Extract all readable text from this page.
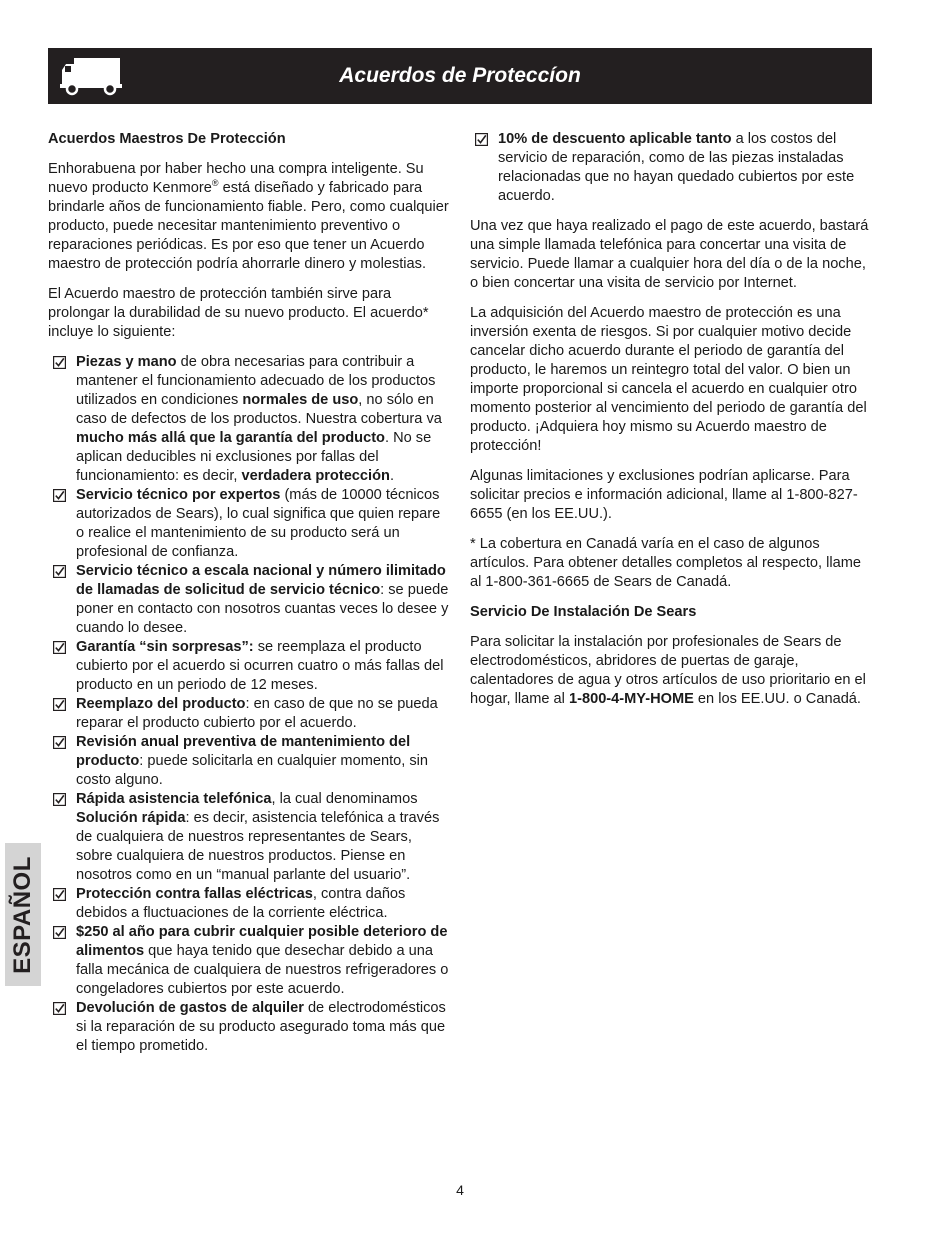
Acuerdos de Proteccíon
Acuerdos Maestros De Protección

Enhorabuena por haber hecho una compra inteligente. Su nuevo producto Kenmore® está diseñado y fabricado para brindarle años de funcionamiento fiable. Pero, como cualquier producto, puede necesitar mantenimiento preventivo o reparaciones periódicas. Es por eso que tener un Acuerdo maestro de protección podría ahorrarle dinero y molestias.

El Acuerdo maestro de protección también sirve para prolongar la durabilidad de su nuevo producto. El acuerdo* incluye lo siguiente:

Piezas y mano de obra necesarias para contribuir a mantener el funcionamiento adecuado de los productos utilizados en condiciones normales de uso, no sólo en caso de defectos de los productos. Nuestra cobertura va mucho más allá que la garantía del producto. No se aplican deducibles ni exclusiones por fallas del funcionamiento: es decir, verdadera protección.
Servicio técnico por expertos (más de 10000 técnicos autorizados de Sears), lo cual significa que quien repare o realice el mantenimiento de su producto será un profesional de confianza.
Servicio técnico a escala nacional y número ilimitado de llamadas de solicitud de servicio técnico: se puede poner en contacto con nosotros cuantas veces lo desee y cuando lo desee.
Garantía “sin sorpresas”: se reemplaza el producto cubierto por el acuerdo si ocurren cuatro o más fallas del producto en un periodo de 12 meses.
Reemplazo del producto: en caso de que no se pueda reparar el producto cubierto por el acuerdo.
Revisión anual preventiva de mantenimiento del producto: puede solicitarla en cualquier momento, sin costo alguno.
Rápida asistencia telefónica, la cual denominamos Solución rápida: es decir, asistencia telefónica a través de cualquiera de nuestros representantes de Sears, sobre cualquiera de nuestros productos. Piense en nosotros como en un “manual parlante del usuario”.
Protección contra fallas eléctricas, contra daños debidos a fluctuaciones de la corriente eléctrica.
$250 al año para cubrir cualquier posible deterioro de alimentos que haya tenido que desechar debido a una falla mecánica de cualquiera de nuestros refrigeradores o congeladores cubiertos por este acuerdo.
Devolución de gastos de alquiler de electrodomésticos si la reparación de su producto asegurado toma más que el tiempo prometido.
10% de descuento aplicable tanto a los costos del servicio de reparación, como de las piezas instaladas relacionadas que no hayan quedado cubiertos por este acuerdo.

Una vez que haya realizado el pago de este acuerdo, bastará una simple llamada telefónica para concertar una visita de servicio. Puede llamar a cualquier hora del día o de la noche, o bien concertar una visita de servicio por Internet.

La adquisición del Acuerdo maestro de protección es una inversión exenta de riesgos. Si por cualquier motivo decide cancelar dicho acuerdo durante el periodo de garantía del producto, le haremos un reintegro total del valor. O bien un importe proporcional si cancela el acuerdo en cualquier otro momento posterior al vencimiento del periodo de garantía del producto. ¡Adquiera hoy mismo su Acuerdo maestro de protección!

Algunas limitaciones y exclusiones podrían aplicarse. Para solicitar precios e información adicional, llame al 1-800-827-6655 (en los EE.UU.).

* La cobertura en Canadá varía en el caso de algunos artículos. Para obtener detalles completos al respecto, llame al 1-800-361-6665 de Sears de Canadá.

Servicio De Instalación De Sears

Para solicitar la instalación por profesionales de Sears de electrodomésticos, abridores de puertas de garaje, calentadores de agua y otros artículos de uso prioritario en el hogar, llame al 1-800-4-MY-HOME en los EE.UU. o Canadá.

ESPAÑOL
4
